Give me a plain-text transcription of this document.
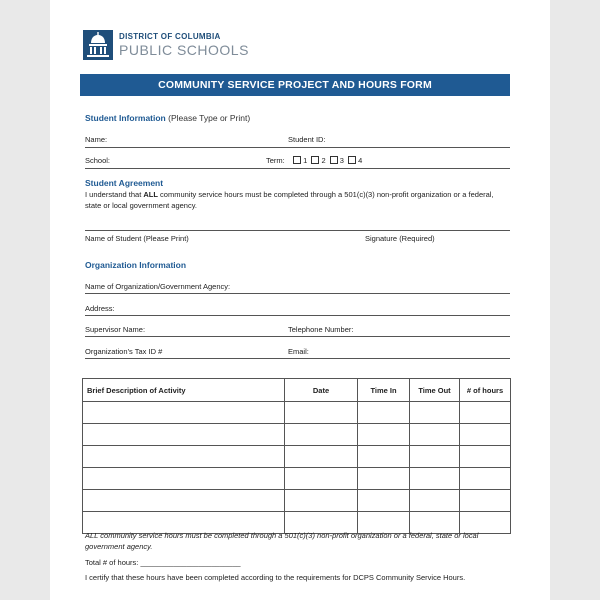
DISTRICT OF COLUMBIA
PUBLIC SCHOOLS
COMMUNITY SERVICE PROJECT AND HOURS FORM
Student Information (Please Type or Print)
Name:	Student ID:
School:	Term: 1 2 3 4
Student Agreement
I understand that ALL community service hours must be completed through a 501(c)(3) non-profit organization or a federal, state or local government agency.
Name of Student (Please Print)	Signature (Required)
Organization Information
Name of Organization/Government Agency:
Address:
Supervisor Name:	Telephone Number:
Organization’s Tax ID #	Email:
Brief Description of Activity	Date	Time In	Time Out	# of hours

ALL community service hours must be completed through a 501(c)(3) non-profit organization or a federal, state or local government agency.
Total # of hours: ________________________
I certify that these hours have been completed according to the requirements for DCPS Community Service Hours.
